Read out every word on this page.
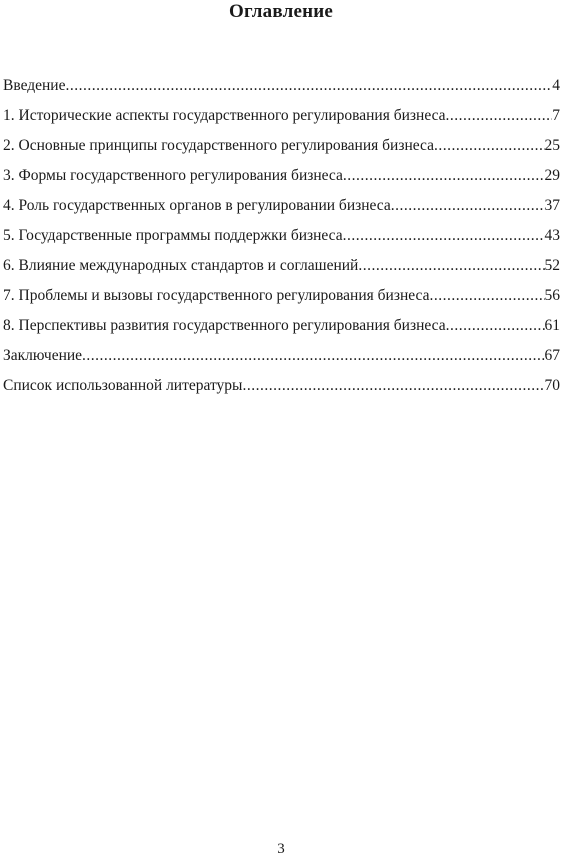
Оглавление
Введение .....	4
1. Исторические аспекты государственного регулирования бизнеса .....	7
2. Основные принципы государственного регулирования бизнеса .....	25
3. Формы государственного регулирования бизнеса .....	29
4. Роль государственных органов в регулировании бизнеса .....	37
5. Государственные программы поддержки бизнеса .....	43
6. Влияние международных стандартов и соглашений .....	52
7. Проблемы и вызовы государственного регулирования бизнеса .....	56
8. Перспективы развития государственного регулирования бизнеса .....	61
Заключение .....	67
Список использованной литературы .....	70
3
